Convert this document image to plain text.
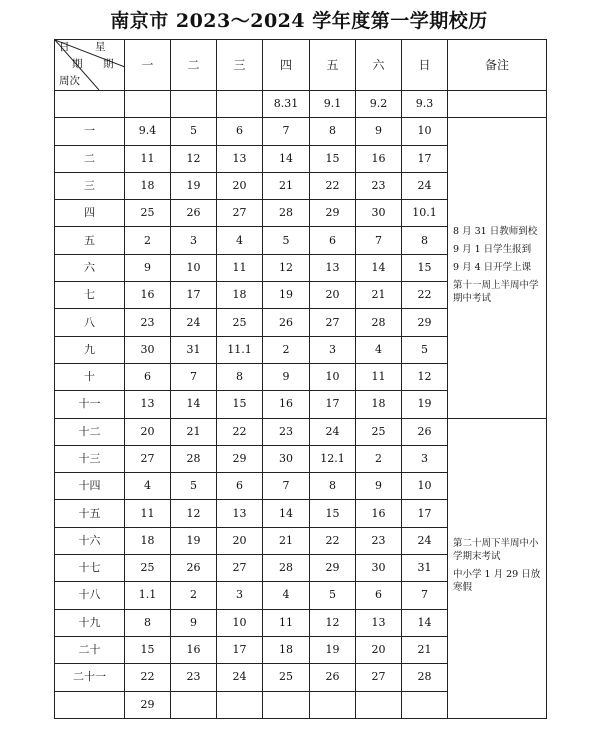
南京市 2023～2024 学年度第一学期校历
日 星
期 期
周次	一	二	三	四	五	六	日	备注
				8.31	9.1	9.2	9.3	
一	9.4	5	6	7	8	9	10	8 月 31 日教师到校

9 月 1 日学生报到

9 月 4 日开学上课

第十一周上半周中学期中考试

二	11	12	13	14	15	16	17	
三	18	19	20	21	22	23	24	
四	25	26	27	28	29	30	10.1	
五	2	3	4	5	6	7	8	
六	9	10	11	12	13	14	15	
七	16	17	18	19	20	21	22	
八	23	24	25	26	27	28	29	
九	30	31	11.1	2	3	4	5	
十	6	7	8	9	10	11	12	
十一	13	14	15	16	17	18	19	
十二	20	21	22	23	24	25	26	第二十周下半周中小学期末考试

中小学 1 月 29 日放寒假

十三	27	28	29	30	12.1	2	3	
十四	4	5	6	7	8	9	10	
十五	11	12	13	14	15	16	17	
十六	18	19	20	21	22	23	24	
十七	25	26	27	28	29	30	31	
十八	1.1	2	3	4	5	6	7	
十九	8	9	10	11	12	13	14	
二十	15	16	17	18	19	20	21	
二十一	22	23	24	25	26	27	28	
	29							
